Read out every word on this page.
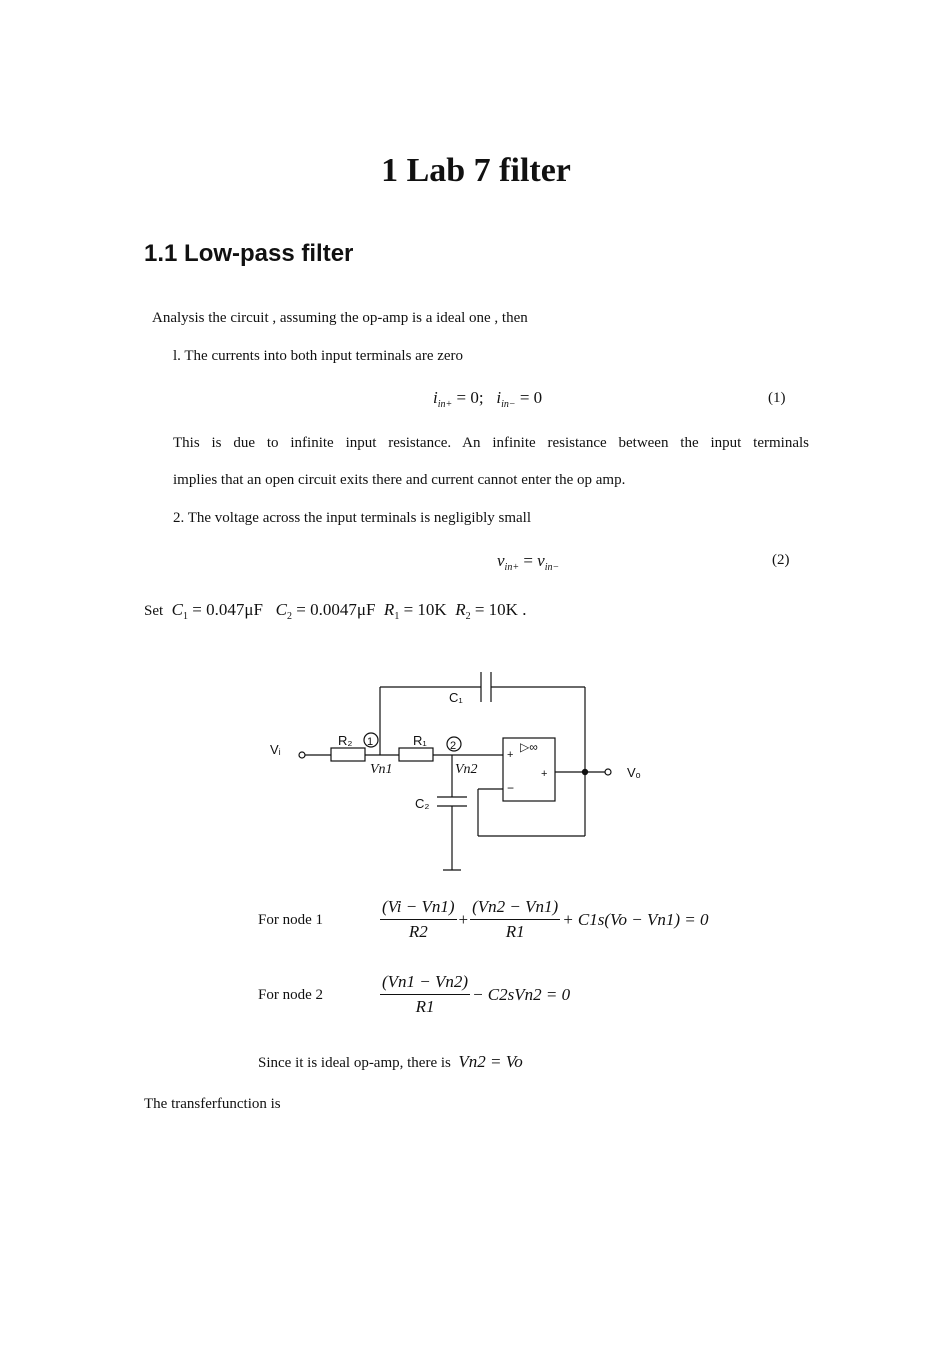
1 Lab 7 filter
1.1 Low-pass filter
Analysis the circuit , assuming the op-amp is a ideal one , then
l. The currents into both input terminals are zero
$i_{in+} = 0$;   $i_{in-} = 0$	(1)
This is due to infinite input resistance. An infinite resistance between the input terminals
implies that an open circuit exits there and current cannot enter the op amp.
2. The voltage across the input terminals is negligibly small
$v_{in+} = v_{in-}$	(2)
Set $C_1 = 0.047\mu F$ $C_2 = 0.0047\mu F$ $R_1 = 10K$ $R_2 = 10K$ .
C₁
R₂	R₁
1	2
Vᵢ
Vₒ
C₂
Vn1	Vn2
▷∞
+
+
−
For node 1	$\frac{(Vi - Vn1)}{R2} + \frac{(Vn2 - Vn1)}{R1} + C1s(Vo - Vn1) = 0$
For node 2	$\frac{(Vn1 - Vn2)}{R1} - C2sVn2 = 0$
Since it is ideal op-amp, there is Vn2 = Vo
The transferfunction is
